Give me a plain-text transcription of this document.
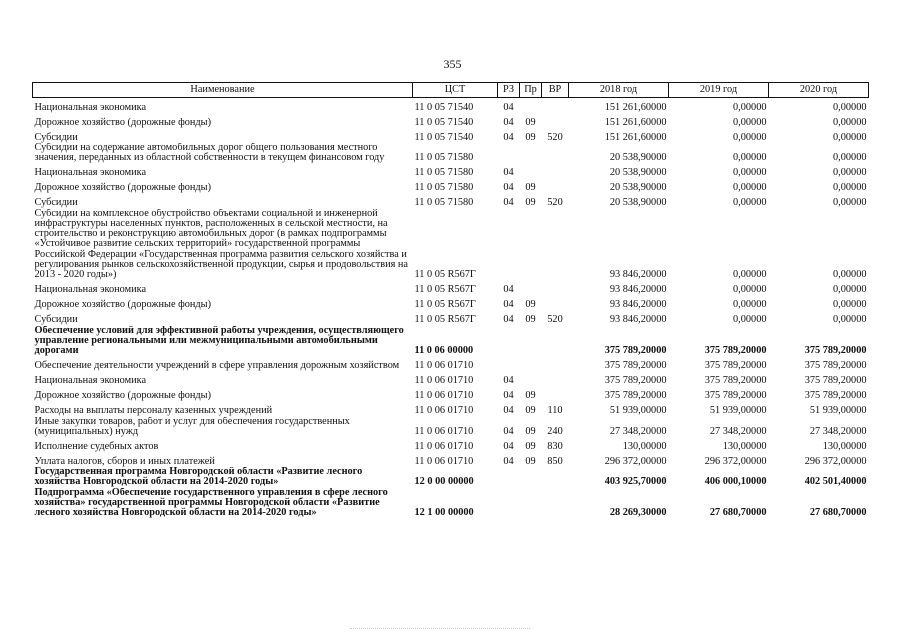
355
Наименование	ЦСТ	РЗ	Пр	ВР	2018 год	2019 год	2020 год
Национальная экономика	11 0 05 71540	04			151 261,60000	0,00000	0,00000
Дорожное хозяйство (дорожные фонды)	11 0 05 71540	04	09		151 261,60000	0,00000	0,00000
Субсидии	11 0 05 71540	04	09	520	151 261,60000	0,00000	0,00000
Субсидии на содержание автомобильных дорог общего пользования местного значения, переданных из областной собственности в текущем финансовом году	11 0 05 71580				20 538,90000	0,00000	0,00000
Национальная экономика	11 0 05 71580	04			20 538,90000	0,00000	0,00000
Дорожное хозяйство (дорожные фонды)	11 0 05 71580	04	09		20 538,90000	0,00000	0,00000
Субсидии	11 0 05 71580	04	09	520	20 538,90000	0,00000	0,00000
Субсидии на комплексное обустройство объектами социальной и инженерной инфраструктуры населенных пунктов, расположенных в сельской местности, на строительство и реконструкцию автомобильных дорог (в рамках подпрограммы «Устойчивое развитие сельских территорий» государственной программы Российской Федерации «Государственная программа развития сельского хозяйства и регулирования рынков сельскохозяйственной продукции, сырья и продовольствия на 2013 - 2020 годы»)	11 0 05 R567Г				93 846,20000	0,00000	0,00000
Национальная экономика	11 0 05 R567Г	04			93 846,20000	0,00000	0,00000
Дорожное хозяйство (дорожные фонды)	11 0 05 R567Г	04	09		93 846,20000	0,00000	0,00000
Субсидии	11 0 05 R567Г	04	09	520	93 846,20000	0,00000	0,00000
Обеспечение условий для эффективной работы учреждения, осуществляющего управление региональными или межмуниципальными автомобильными дорогами	11 0 06 00000				375 789,20000	375 789,20000	375 789,20000
Обеспечение деятельности учреждений в сфере управления дорожным хозяйством	11 0 06 01710				375 789,20000	375 789,20000	375 789,20000
Национальная экономика	11 0 06 01710	04			375 789,20000	375 789,20000	375 789,20000
Дорожное хозяйство (дорожные фонды)	11 0 06 01710	04	09		375 789,20000	375 789,20000	375 789,20000
Расходы на выплаты персоналу казенных учреждений	11 0 06 01710	04	09	110	51 939,00000	51 939,00000	51 939,00000
Иные закупки товаров, работ и услуг для обеспечения государственных (муниципальных) нужд	11 0 06 01710	04	09	240	27 348,20000	27 348,20000	27 348,20000
Исполнение судебных актов	11 0 06 01710	04	09	830	130,00000	130,00000	130,00000
Уплата налогов, сборов и иных платежей	11 0 06 01710	04	09	850	296 372,00000	296 372,00000	296 372,00000
Государственная программа Новгородской области «Развитие лесного хозяйства Новгородской области на 2014-2020 годы»	12 0 00 00000				403 925,70000	406 000,10000	402 501,40000
Подпрограмма «Обеспечение государственного управления в сфере лесного хозяйства» государственной программы Новгородской области «Развитие лесного хозяйства Новгородской области на 2014-2020 годы»	12 1 00 00000				28 269,30000	27 680,70000	27 680,70000
